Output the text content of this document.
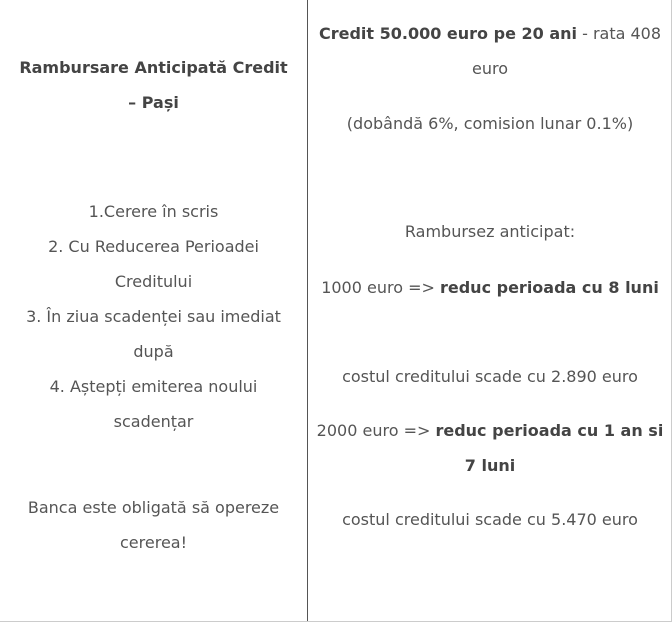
Rambursare Anticipată Credit – Pași
1.Cerere în scris
2. Cu Reducerea Perioadei Creditului
3. În ziua scadenței sau imediat după
4. Aștepți emiterea noului scadențar
Banca este obligată să opereze cererea!
Credit 50.000 euro pe 20 ani - rata 408 euro
(dobândă 6%, comision lunar 0.1%)
Rambursez anticipat:
1000 euro => reduc perioada cu 8 luni
costul creditului scade cu 2.890 euro
2000 euro => reduc perioada cu 1 an si 7 luni
costul creditului scade cu 5.470 euro
